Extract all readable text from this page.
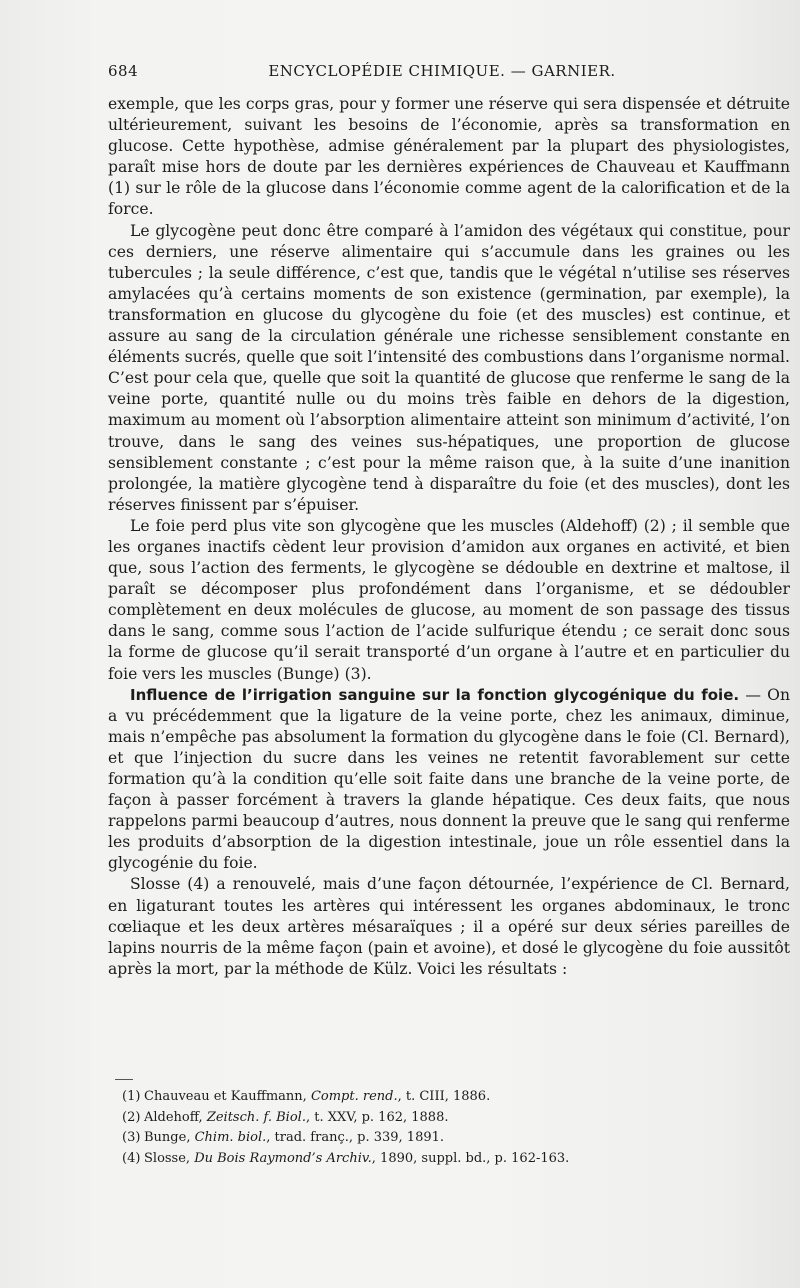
684	ENCYCLOPÉDIE CHIMIQUE. — GARNIER.

exemple, que les corps gras, pour y former une réserve qui sera dispensée et détruite ultérieurement, suivant les besoins de l’économie, après sa transformation en glucose. Cette hypothèse, admise généralement par la plupart des physiologistes, paraît mise hors de doute par les dernières expériences de Chauveau et Kauffmann (1) sur le rôle de la glucose dans l’économie comme agent de la calorification et de la force.

Le glycogène peut donc être comparé à l’amidon des végétaux qui constitue, pour ces derniers, une réserve alimentaire qui s’accumule dans les graines ou les tubercules ; la seule différence, c’est que, tandis que le végétal n’utilise ses réserves amylacées qu’à certains moments de son existence (germination, par exemple), la transformation en glucose du glycogène du foie (et des muscles) est continue, et assure au sang de la circulation générale une richesse sensiblement constante en éléments sucrés, quelle que soit l’intensité des combustions dans l’organisme normal. C’est pour cela que, quelle que soit la quantité de glucose que renferme le sang de la veine porte, quantité nulle ou du moins très faible en dehors de la digestion, maximum au moment où l’absorption alimentaire atteint son minimum d’activité, l’on trouve, dans le sang des veines sus-hépatiques, une proportion de glucose sensiblement constante ; c’est pour la même raison que, à la suite d’une inanition prolongée, la matière glycogène tend à disparaître du foie (et des muscles), dont les réserves finissent par s’épuiser.

Le foie perd plus vite son glycogène que les muscles (Aldehoff) (2) ; il semble que les organes inactifs cèdent leur provision d’amidon aux organes en activité, et bien que, sous l’action des ferments, le glycogène se dédouble en dextrine et maltose, il paraît se décomposer plus profondément dans l’organisme, et se dédoubler complètement en deux molécules de glucose, au moment de son passage des tissus dans le sang, comme sous l’action de l’acide sulfurique étendu ; ce serait donc sous la forme de glucose qu’il serait transporté d’un organe à l’autre et en particulier du foie vers les muscles (Bunge) (3).

Influence de l’irrigation sanguine sur la fonction glycogénique du foie. — On a vu précédemment que la ligature de la veine porte, chez les animaux, diminue, mais n’empêche pas absolument la formation du glycogène dans le foie (Cl. Bernard), et que l’injection du sucre dans les veines ne retentit favorablement sur cette formation qu’à la condition qu’elle soit faite dans une branche de la veine porte, de façon à passer forcément à travers la glande hépatique. Ces deux faits, que nous rappelons parmi beaucoup d’autres, nous donnent la preuve que le sang qui renferme les produits d’absorption de la digestion intestinale, joue un rôle essentiel dans la glycogénie du foie.

Slosse (4) a renouvelé, mais d’une façon détournée, l’expérience de Cl. Bernard, en ligaturant toutes les artères qui intéressent les organes abdominaux, le tronc cœliaque et les deux artères mésaraïques ; il a opéré sur deux séries pareilles de lapins nourris de la même façon (pain et avoine), et dosé le glycogène du foie aussitôt après la mort, par la méthode de Külz. Voici les résultats :

(1) Chauveau et Kauffmann, Compt. rend., t. CIII, 1886.
(2) Aldehoff, Zeitsch. f. Biol., t. XXV, p. 162, 1888.
(3) Bunge, Chim. biol., trad. franç., p. 339, 1891.
(4) Slosse, Du Bois Raymond’s Archiv., 1890, suppl. bd., p. 162-163.
